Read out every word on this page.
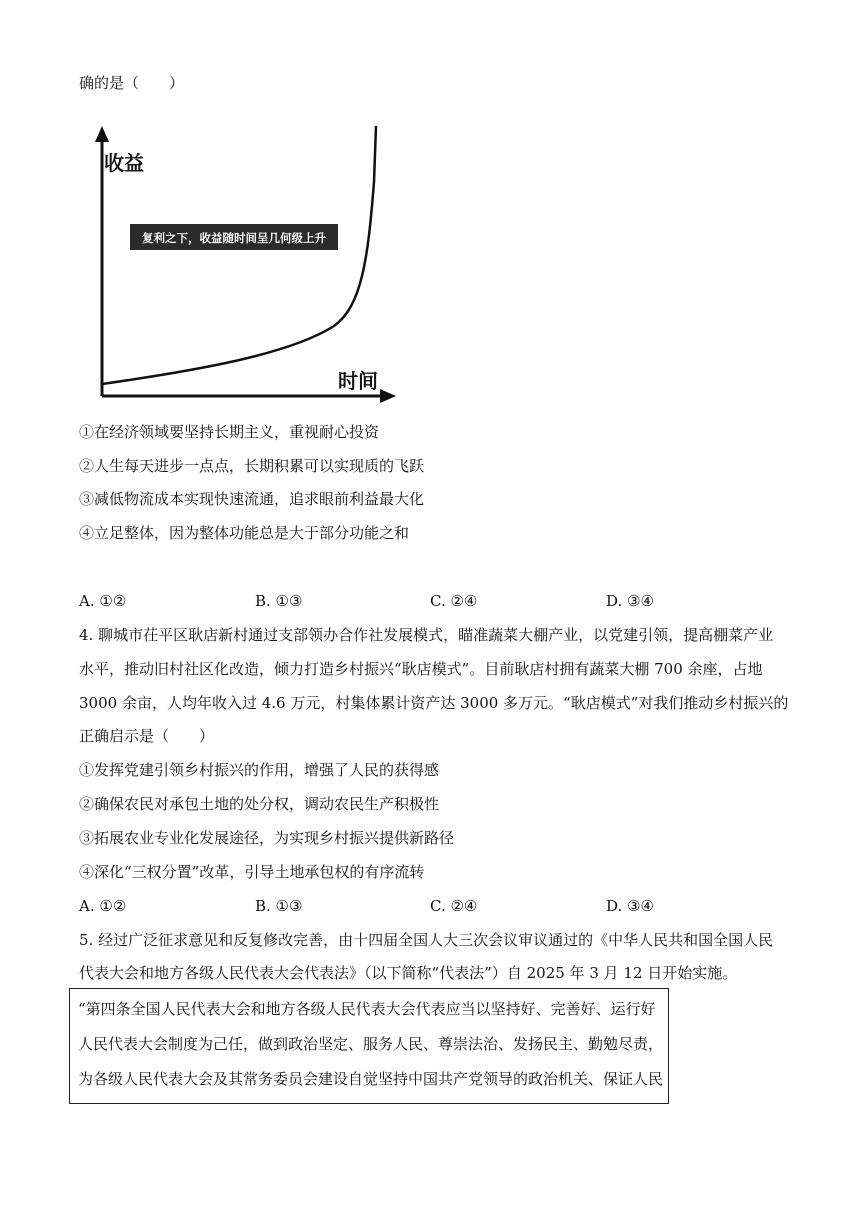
确的是（　　）
收益
时间
复利之下，收益随时间呈几何级上升
①在经济领域要坚持长期主义，重视耐心投资
②人生每天进步一点点，长期积累可以实现质的飞跃
③减低物流成本实现快速流通，追求眼前利益最大化
④立足整体，因为整体功能总是大于部分功能之和
A. ①②	B. ①③	C. ②④	D. ③④
4. 聊城市茌平区耿店新村通过支部领办合作社发展模式，瞄准蔬菜大棚产业，以党建引领，提高棚菜产业
水平，推动旧村社区化改造，倾力打造乡村振兴“耿店模式”。目前耿店村拥有蔬菜大棚 700 余座，占地
3000 余亩，人均年收入过 4.6 万元，村集体累计资产达 3000 多万元。“耿店模式”对我们推动乡村振兴的
正确启示是（　　）
①发挥党建引领乡村振兴的作用，增强了人民的获得感
②确保农民对承包土地的处分权，调动农民生产积极性
③拓展农业专业化发展途径，为实现乡村振兴提供新路径
④深化“三权分置”改革，引导土地承包权的有序流转
A. ①②	B. ①③	C. ②④	D. ③④
5. 经过广泛征求意见和反复修改完善，由十四届全国人大三次会议审议通过的《中华人民共和国全国人民
代表大会和地方各级人民代表大会代表法》（以下简称“代表法”）自 2025 年 3 月 12 日开始实施。
“第四条全国人民代表大会和地方各级人民代表大会代表应当以坚持好、完善好、运行好
人民代表大会制度为己任，做到政治坚定、服务人民、尊崇法治、发扬民主、勤勉尽责，
为各级人民代表大会及其常务委员会建设自觉坚持中国共产党领导的政治机关、保证人民
